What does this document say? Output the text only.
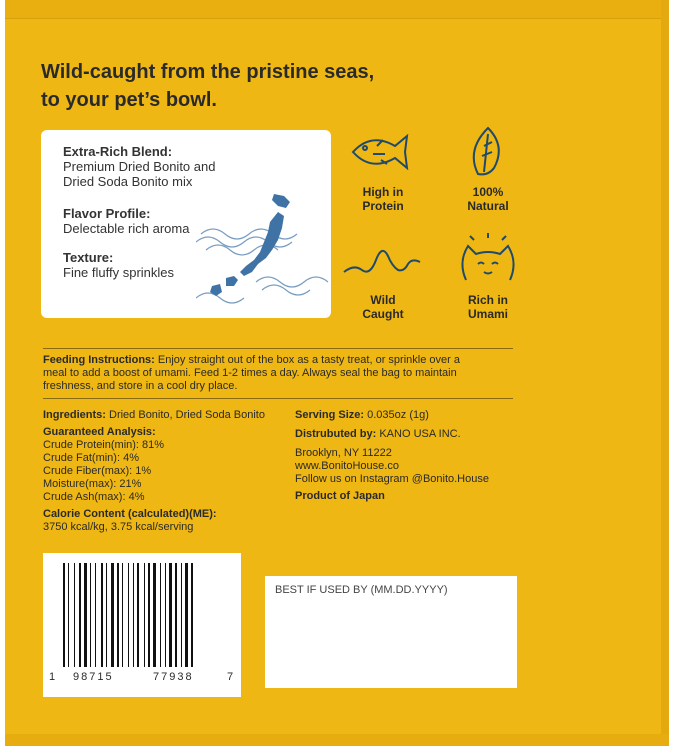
Wild-caught from the pristine seas,
to your pet’s bowl.
Extra-Rich Blend:
Premium Dried Bonito and
Dried Soda Bonito mix
Flavor Profile:
Delectable rich aroma
Texture:
Fine fluffy sprinkles
High in
Protein
100%
Natural
Wild
Caught
Rich in
Umami
Feeding Instructions: Enjoy straight out of the box as a tasty treat, or sprinkle over a
meal to add a boost of umami. Feed 1-2 times a day. Always seal the bag to maintain
freshness, and store in a cool dry place.
Ingredients: Dried Bonito, Dried Soda Bonito
Guaranteed Analysis:
Crude Protein(min): 81%
Crude Fat(min): 4%
Crude Fiber(max): 1%
Moisture(max): 21%
Crude Ash(max): 4%
Calorie Content (calculated)(ME):
3750 kcal/kg, 3.75 kcal/serving
Serving Size: 0.035oz (1g)
Distrubuted by: KANO USA INC.
Brooklyn, NY 11222
www.BonitoHouse.co
Follow us on Instagram @Bonito.House
Product of Japan
1 98715	77938	7
BEST IF USED BY (MM.DD.YYYY)
